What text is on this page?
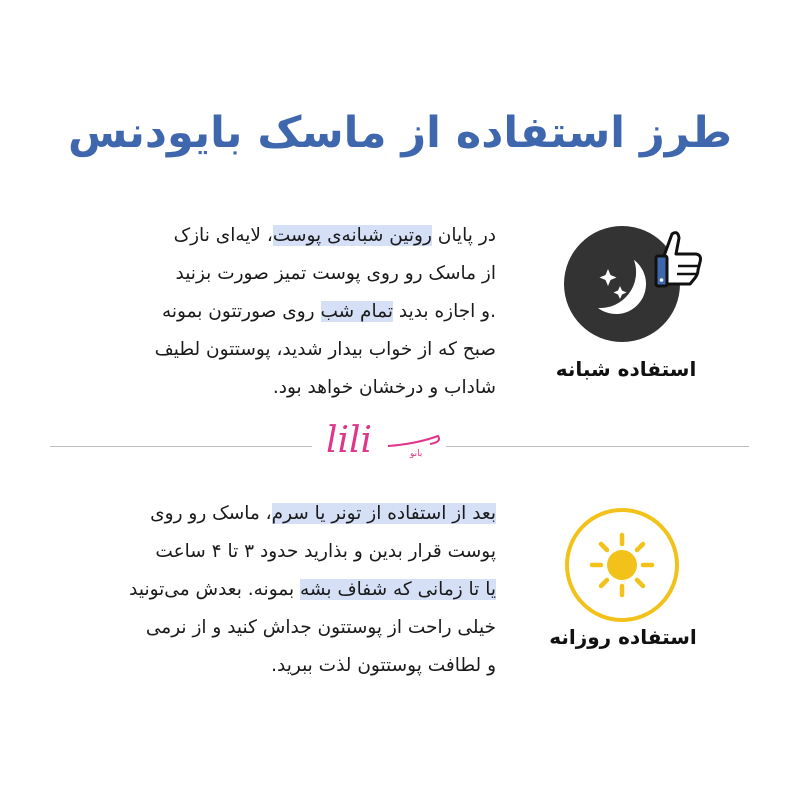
طرز استفاده از ماسک بایودنس

در پایان روتین شبانه‌ی پوست، لایه‌ای نازک
از ماسک رو روی پوست تمیز صورت بزنید
.و اجازه بدید تمام شب روی صورتتون بمونه
صبح که از خواب بیدار شدید، پوستتون لطیف
شاداب و درخشان خواهد بود.

استفاده شبانه

lili	بانو

بعد از استفاده از تونر یا سرم، ماسک رو روی
پوست قرار بدین و بذارید حدود ۳ تا ۴ ساعت
یا تا زمانی که شفاف بشه بمونه. بعدش می‌تونید
خیلی راحت از پوستتون جداش کنید و از نرمی
و لطافت پوستتون لذت ببرید.

استفاده روزانه
